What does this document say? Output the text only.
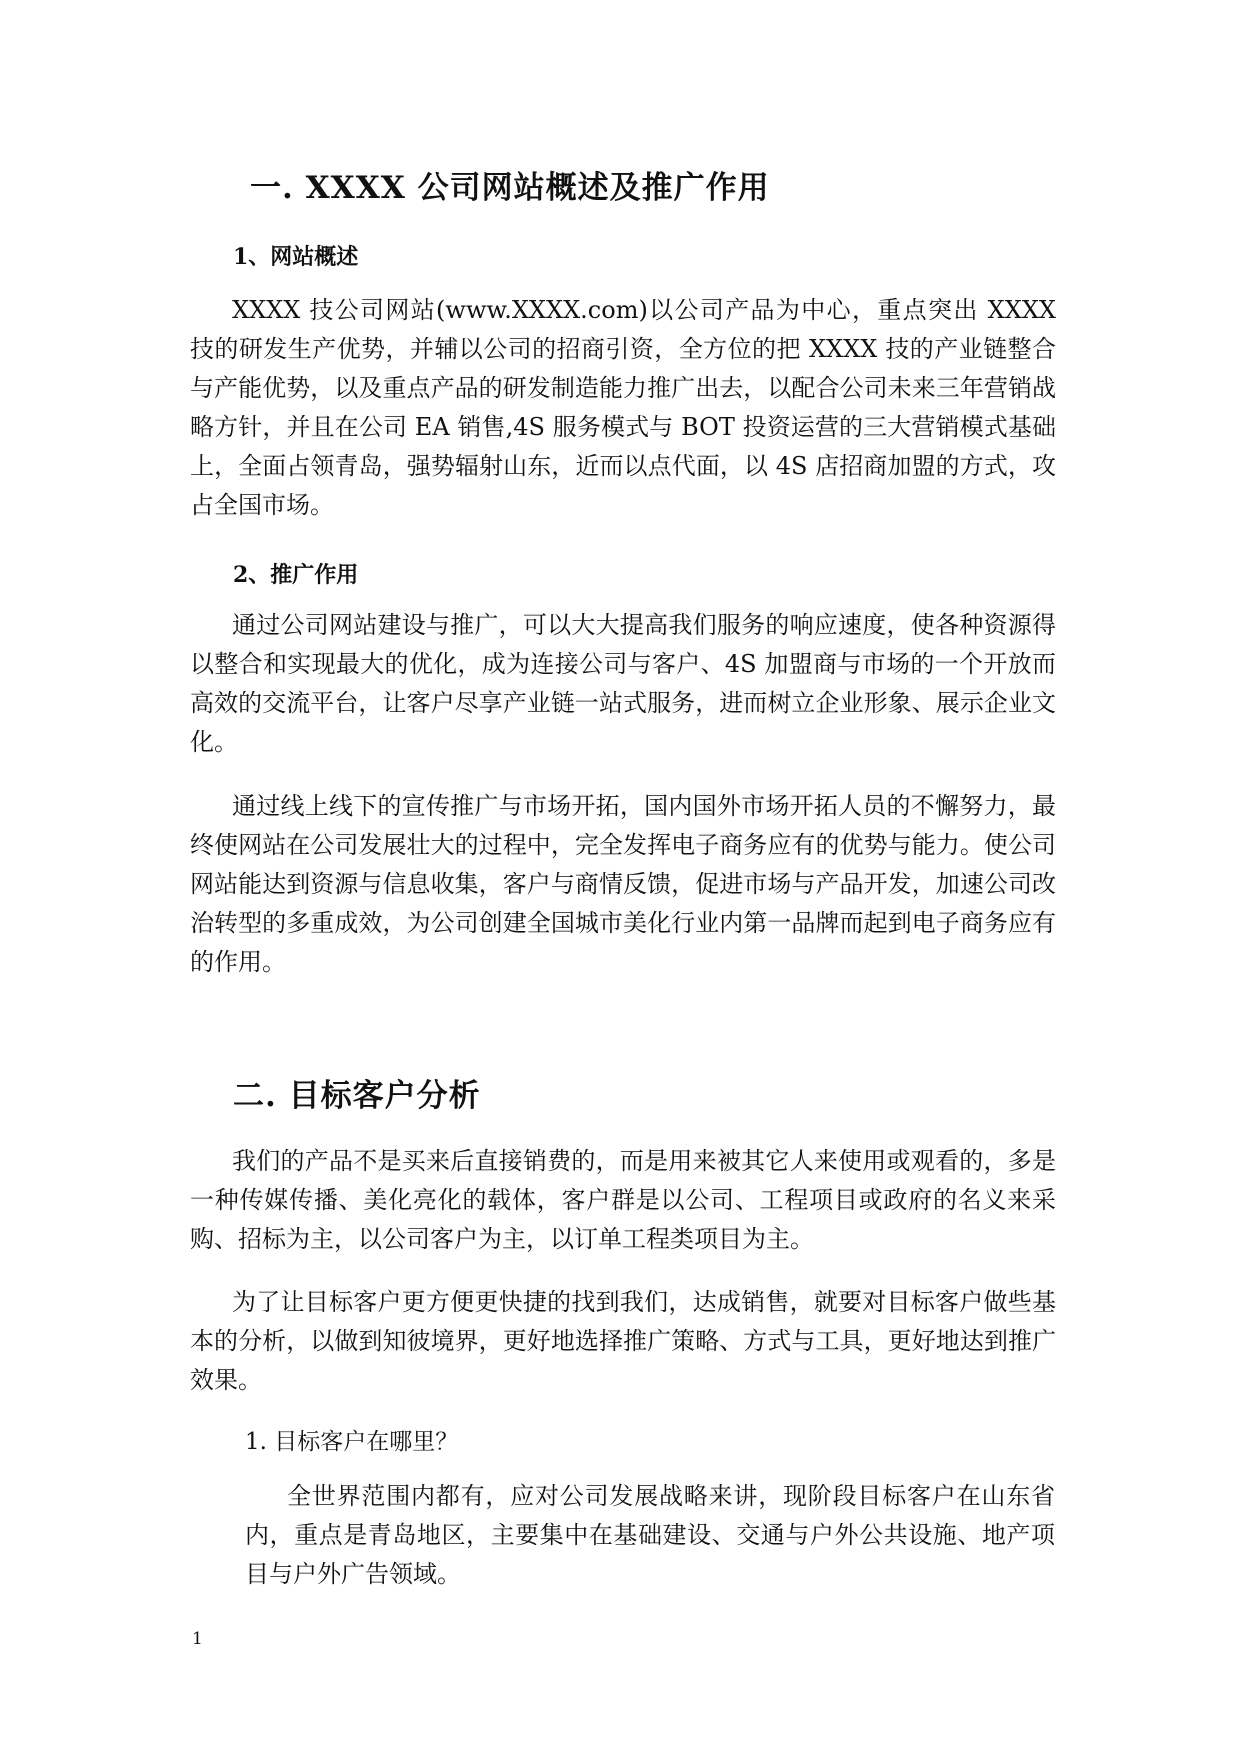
一. XXXX 公司网站概述及推广作用
1、网站概述

XXXX 技公司网站(www.XXXX.com)以公司产品为中心，重点突出 XXXX 技的研发生产优势，并辅以公司的招商引资，全方位的把 XXXX 技的产业链整合与产能优势，以及重点产品的研发制造能力推广出去，以配合公司未来三年营销战略方针，并且在公司 EA 销售,4S 服务模式与 BOT 投资运营的三大营销模式基础上，全面占领青岛，强势辐射山东，近而以点代面，以 4S 店招商加盟的方式，攻占全国市场。

2、推广作用

通过公司网站建设与推广，可以大大提高我们服务的响应速度，使各种资源得以整合和实现最大的优化，成为连接公司与客户、4S 加盟商与市场的一个开放而高效的交流平台，让客户尽享产业链一站式服务，进而树立企业形象、展示企业文化。

通过线上线下的宣传推广与市场开拓，国内国外市场开拓人员的不懈努力，最终使网站在公司发展壮大的过程中，完全发挥电子商务应有的优势与能力。使公司网站能达到资源与信息收集，客户与商情反馈，促进市场与产品开发，加速公司改治转型的多重成效，为公司创建全国城市美化行业内第一品牌而起到电子商务应有的作用。

二. 目标客户分析

我们的产品不是买来后直接销费的，而是用来被其它人来使用或观看的，多是一种传媒传播、美化亮化的载体，客户群是以公司、工程项目或政府的名义来采购、招标为主，以公司客户为主，以订单工程类项目为主。

为了让目标客户更方便更快捷的找到我们，达成销售，就要对目标客户做些基本的分析，以做到知彼境界，更好地选择推广策略、方式与工具，更好地达到推广效果。

1. 目标客户在哪里？

全世界范围内都有，应对公司发展战略来讲，现阶段目标客户在山东省内，重点是青岛地区，主要集中在基础建设、交通与户外公共设施、地产项目与户外广告领域。

1
